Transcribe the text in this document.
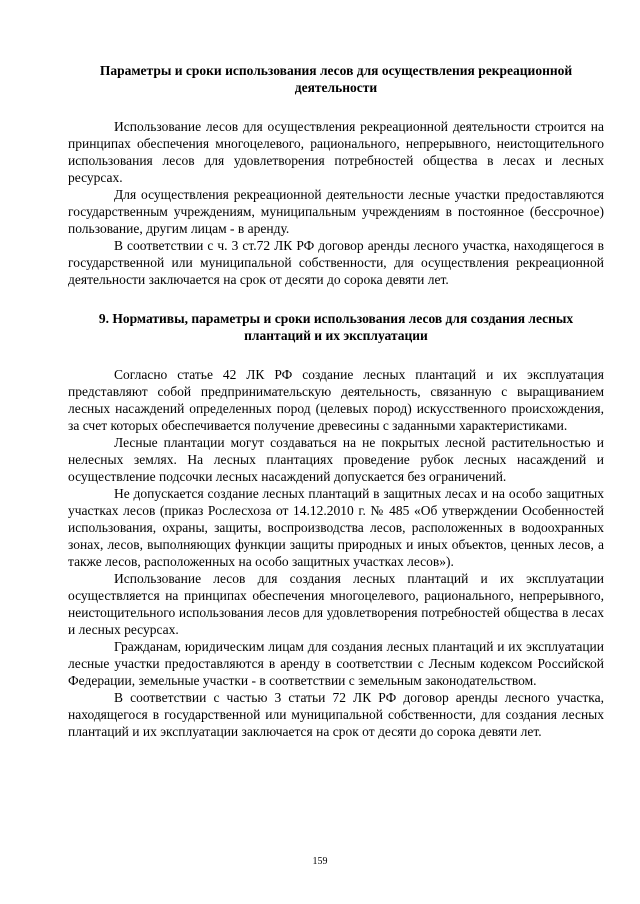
Параметры и сроки использования лесов для осуществления рекреационной деятельности

Использование лесов для осуществления рекреационной деятельности строится на принципах обеспечения многоцелевого, рационального, непрерывного, неистощительного использования лесов для удовлетворения потребностей общества в лесах и лесных ресурсах.

Для осуществления рекреационной деятельности лесные участки предоставляются государственным учреждениям, муниципальным учреждениям в постоянное (бессрочное) пользование, другим лицам - в аренду.

В соответствии с ч. 3 ст.72 ЛК РФ договор аренды лесного участка, находящегося в государственной или муниципальной собственности, для осуществления рекреационной деятельности заключается на срок от десяти до сорока девяти лет.

9. Нормативы, параметры и сроки использования лесов для создания лесных плантаций и их эксплуатации

Согласно статье 42 ЛК РФ создание лесных плантаций и их эксплуатация представляют собой предпринимательскую деятельность, связанную с выращиванием лесных насаждений определенных пород (целевых пород) искусственного происхождения, за счет которых обеспечивается получение древесины с заданными характеристиками.

Лесные плантации могут создаваться на не покрытых лесной растительностью и нелесных землях. На лесных плантациях проведение рубок лесных насаждений и осуществление подсочки лесных насаждений допускается без ограничений.

Не допускается создание лесных плантаций в защитных лесах и на особо защитных участках лесов (приказ Рослесхоза от 14.12.2010 г. № 485 «Об утверждении Особенностей использования, охраны, защиты, воспроизводства лесов, расположенных в водоохранных зонах, лесов, выполняющих функции защиты природных и иных объектов, ценных лесов, а также лесов, расположенных на особо защитных участках лесов»).

Использование лесов для создания лесных плантаций и их эксплуатации осуществляется на принципах обеспечения многоцелевого, рационального, непрерывного, неистощительного использования лесов для удовлетворения потребностей общества в лесах и лесных ресурсах.

Гражданам, юридическим лицам для создания лесных плантаций и их эксплуатации лесные участки предоставляются в аренду в соответствии с Лесным кодексом Российской Федерации, земельные участки - в соответствии с земельным законодательством.

В соответствии с частью 3 статьи 72 ЛК РФ договор аренды лесного участка, находящегося в государственной или муниципальной собственности, для создания лесных плантаций и их эксплуатации заключается на срок от десяти до сорока девяти лет.

159
